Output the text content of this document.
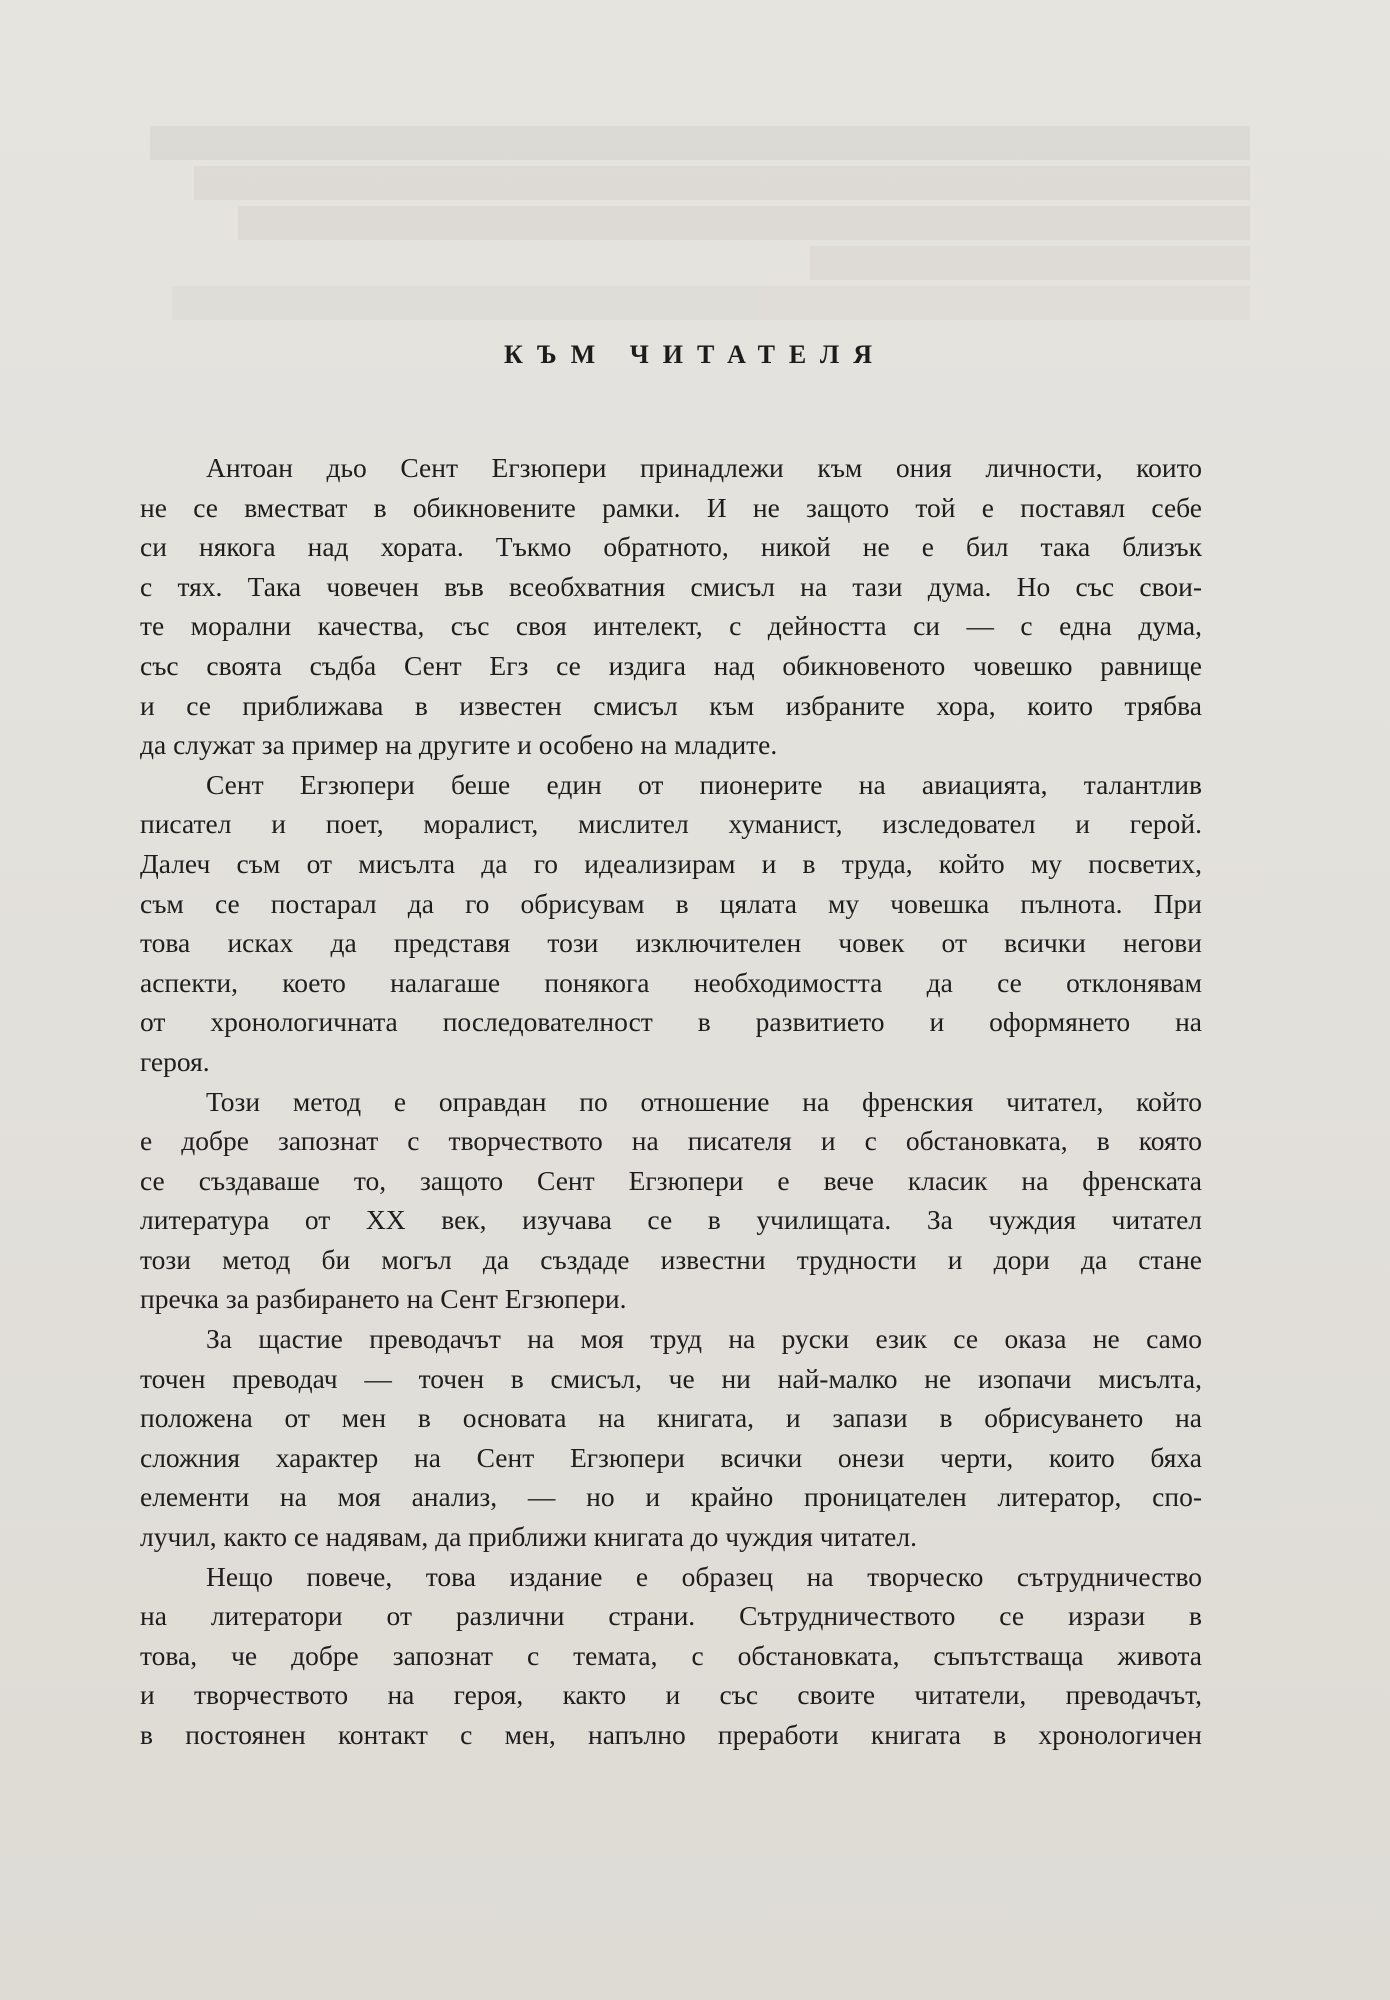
КЪМ ЧИТАТЕЛЯ

Антоан дьо Сент Егзюпери принадлежи към ония личности, които
не се вместват в обикновените рамки. И не защото той е поставял себе
си някога над хората. Тъкмо обратното, никой не е бил така близък
с тях. Така човечен във всеобхватния смисъл на тази дума. Но със свои-
те морални качества, със своя интелект, с дейността си — с една дума,
със своята съдба Сент Егз се издига над обикновеното човешко равнище
и се приближава в известен смисъл към избраните хора, които трябва
да служат за пример на другите и особено на младите.

Сент Егзюпери беше един от пионерите на авиацията, талантлив
писател и поет, моралист, мислител хуманист, изследовател и герой.
Далеч съм от мисълта да го идеализирам и в труда, който му посветих,
съм се постарал да го обрисувам в цялата му човешка пълнота. При
това исках да представя този изключителен човек от всички негови
аспекти, което налагаше понякога необходимостта да се отклонявам
от хронологичната последователност в развитието и оформянето на
героя.

Този метод е оправдан по отношение на френския читател, който
е добре запознат с творчеството на писателя и с обстановката, в която
се създаваше то, защото Сент Егзюпери е вече класик на френската
литература от XX век, изучава се в училищата. За чуждия читател
този метод би могъл да създаде известни трудности и дори да стане
пречка за разбирането на Сент Егзюпери.

За щастие преводачът на моя труд на руски език се оказа не само
точен преводач — точен в смисъл, че ни най-малко не изопачи мисълта,
положена от мен в основата на книгата, и запази в обрисуването на
сложния характер на Сент Егзюпери всички онези черти, които бяха
елементи на моя анализ, — но и крайно проницателен литератор, спо-
лучил, както се надявам, да приближи книгата до чуждия читател.

Нещо повече, това издание е образец на творческо сътрудничество
на литератори от различни страни. Сътрудничеството се изрази в
това, че добре запознат с темата, с обстановката, съпътстваща живота
и творчеството на героя, както и със своите читатели, преводачът,
в постоянен контакт с мен, напълно преработи книгата в хронологичен
